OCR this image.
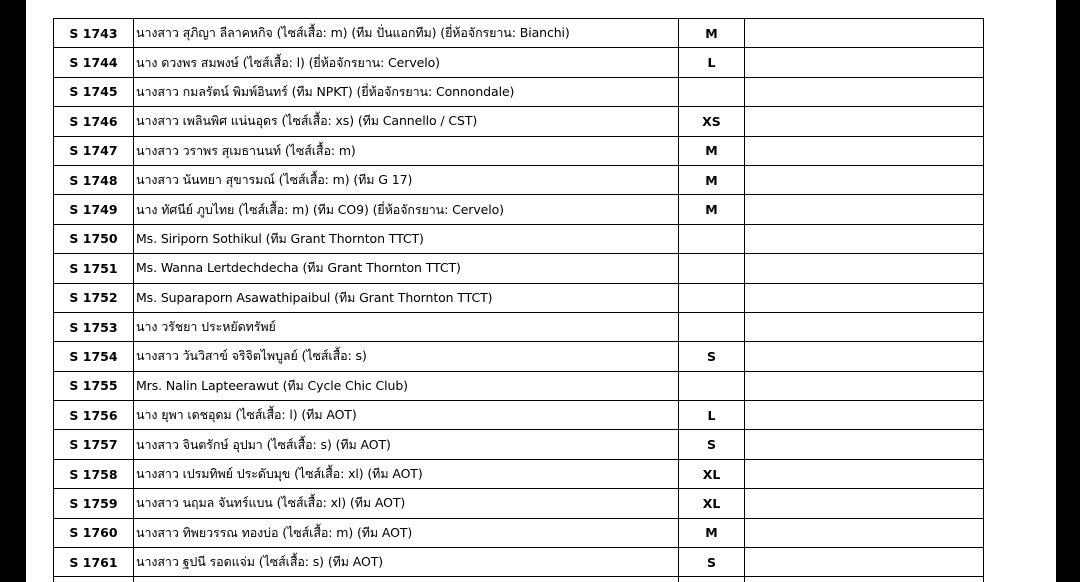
S 1743	นางสาว สุภิญา ลีลาคหกิจ (ไซส์เสื้อ: m) (ทีม ปั่นแอกทีม) (ยี่ห้อจักรยาน: Bianchi)	M	
S 1744	นาง ดวงพร สมพงษ์ (ไซส์เสื้อ: l) (ยี่ห้อจักรยาน: Cervelo)	L	
S 1745	นางสาว กมลรัตน์ พิมพ์อินทร์ (ทีม NPKT) (ยี่ห้อจักรยาน: Connondale)		
S 1746	นางสาว เพลินพิศ แน่นอุดร (ไซส์เสื้อ: xs) (ทีม Cannello / CST)	XS	
S 1747	นางสาว วราพร สุเมธานนท์ (ไซส์เสื้อ: m)	M	
S 1748	นางสาว นันทยา สุขารมณ์ (ไซส์เสื้อ: m) (ทีม G 17)	M	
S 1749	นาง ทัศนีย์ ภูบไทย (ไซส์เสื้อ: m) (ทีม CO9) (ยี่ห้อจักรยาน: Cervelo)	M	
S 1750	Ms. Siriporn Sothikul (ทีม Grant Thornton TTCT)		
S 1751	Ms. Wanna Lertdechdecha (ทีม Grant Thornton TTCT)		
S 1752	Ms. Suparaporn Asawathipaibul (ทีม Grant Thornton TTCT)		
S 1753	นาง วรัชยา ประหยัดทรัพย์		
S 1754	นางสาว วันวิสาข์ จริจิตไพบูลย์ (ไซส์เสื้อ: s)	S	
S 1755	Mrs. Nalin Lapteerawut (ทีม Cycle Chic Club)		
S 1756	นาง ยุพา เดชอุดม (ไซส์เสื้อ: l) (ทีม AOT)	L	
S 1757	นางสาว จินตรักษ์ อุปมา (ไซส์เสื้อ: s) (ทีม AOT)	S	
S 1758	นางสาว เปรมทิพย์ ประดับมุข (ไซส์เสื้อ: xl) (ทีม AOT)	XL	
S 1759	นางสาว นฤมล จันทร์แบน (ไซส์เสื้อ: xl) (ทีม AOT)	XL	
S 1760	นางสาว ทิพยวรรณ ทองบ่อ (ไซส์เสื้อ: m) (ทีม AOT)	M	
S 1761	นางสาว ฐปนี รอดแจ่ม (ไซส์เสื้อ: s) (ทีม AOT)	S	
